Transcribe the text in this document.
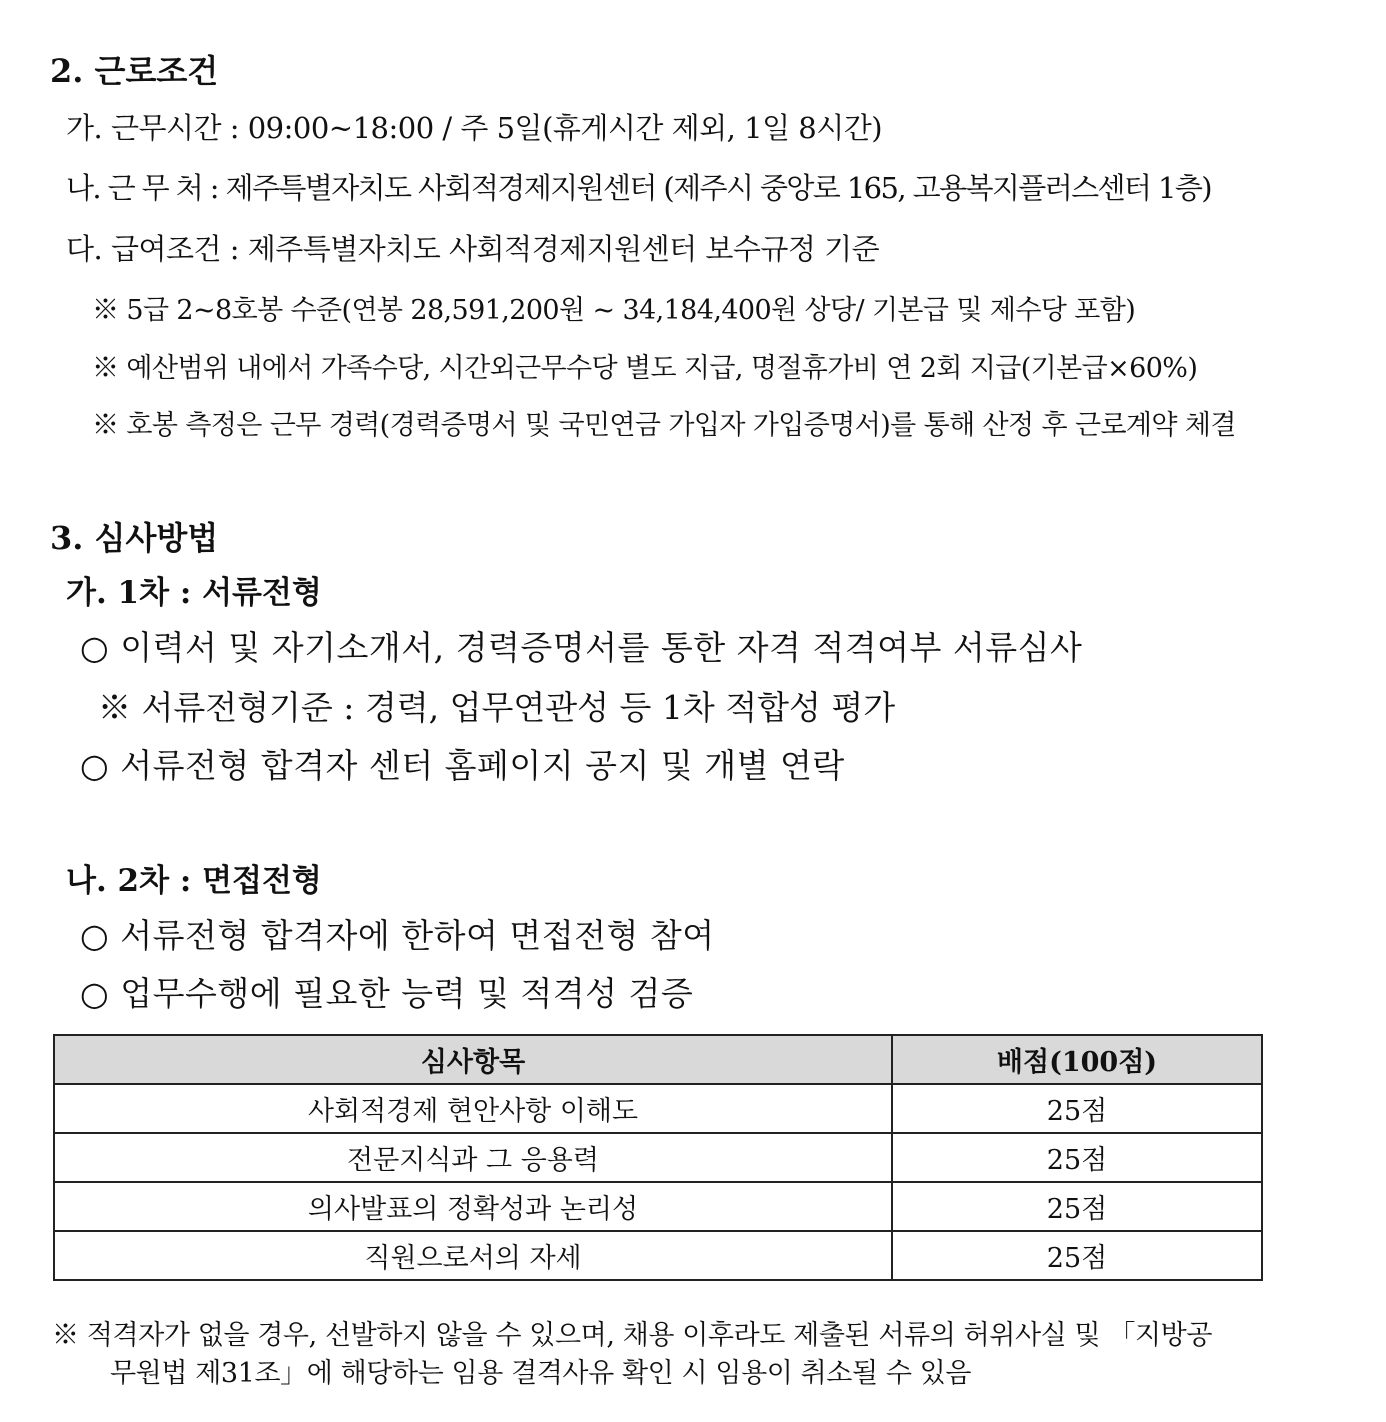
2. 근로조건
가. 근무시간 : 09:00~18:00 / 주 5일(휴게시간 제외, 1일 8시간)
나. 근 무 처 : 제주특별자치도 사회적경제지원센터 (제주시 중앙로 165, 고용복지플러스센터 1층)
다. 급여조건 : 제주특별자치도 사회적경제지원센터 보수규정 기준
※ 5급 2~8호봉 수준(연봉 28,591,200원 ~ 34,184,400원 상당/ 기본급 및 제수당 포함)
※ 예산범위 내에서 가족수당, 시간외근무수당 별도 지급, 명절휴가비 연 2회 지급(기본급×60%)
※ 호봉 측정은 근무 경력(경력증명서 및 국민연금 가입자 가입증명서)를 통해 산정 후 근로계약 체결
3. 심사방법
가. 1차 : 서류전형
○ 이력서 및 자기소개서, 경력증명서를 통한 자격 적격여부 서류심사
※ 서류전형기준 : 경력, 업무연관성 등 1차 적합성 평가
○ 서류전형 합격자 센터 홈페이지 공지 및 개별 연락
나. 2차 : 면접전형
○ 서류전형 합격자에 한하여 면접전형 참여
○ 업무수행에 필요한 능력 및 적격성 검증
심사항목	배점(100점)
사회적경제 현안사항 이해도	25점
전문지식과 그 응용력	25점
의사발표의 정확성과 논리성	25점
직원으로서의 자세	25점
※ 적격자가 없을 경우, 선발하지 않을 수 있으며, 채용 이후라도 제출된 서류의 허위사실 및 「지방공
무원법 제31조」에 해당하는 임용 결격사유 확인 시 임용이 취소될 수 있음
